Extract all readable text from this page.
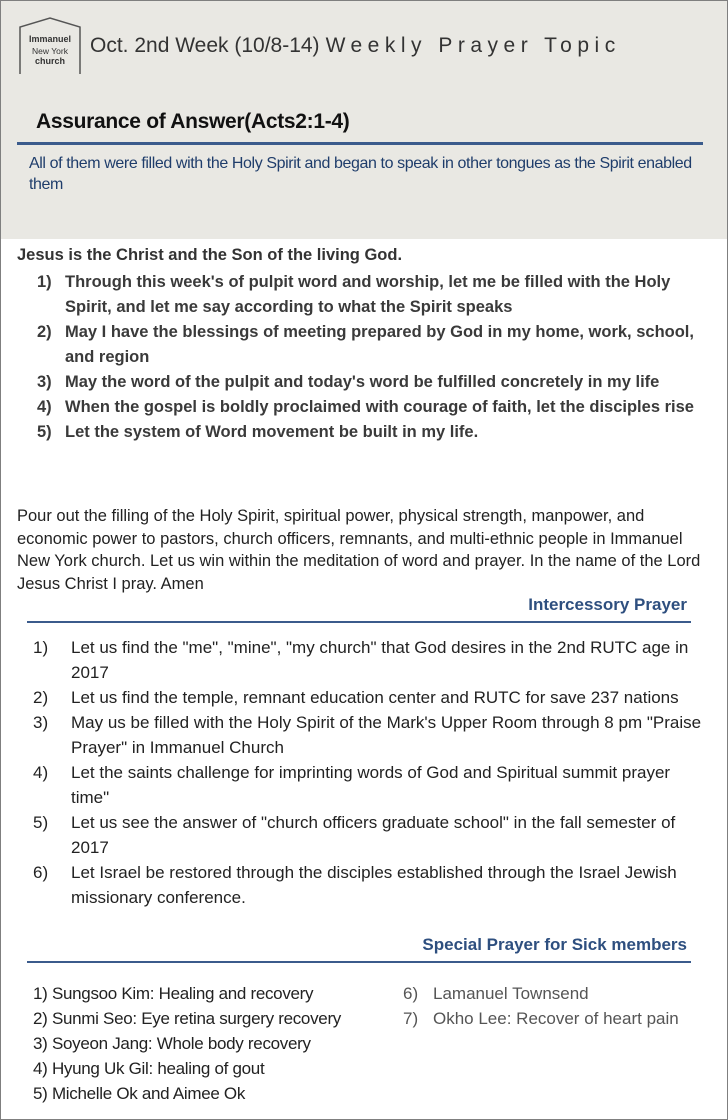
Immanuel
New York
church
Oct. 2nd Week (10/8-14) Weekly Prayer Topic
Assurance of Answer(Acts2:1-4)
All of them were filled with the Holy Spirit and began to speak in other tongues as the Spirit enabled them

Jesus is the Christ and the Son of the living God.

1) Through this week's of pulpit word and worship, let me be filled with the Holy Spirit, and let me say according to what the Spirit speaks
2) May I have the blessings of meeting prepared by God in my home, work, school, and region
3) May the word of the pulpit and today's word be fulfilled concretely in my life
4) When the gospel is boldly proclaimed with courage of faith, let the disciples rise
5) Let the system of Word movement be built in my life.
Pour out the filling of the Holy Spirit, spiritual power, physical strength, manpower, and economic power to pastors, church officers, remnants, and multi-ethnic people in Immanuel New York church. Let us win within the meditation of word and prayer. In the name of the Lord Jesus Christ I pray. Amen
Intercessory Prayer
1) Let us find the "me", "mine", "my church" that God desires in the 2nd RUTC age in 2017
2) Let us find the temple, remnant education center and RUTC for save 237 nations
3) May us be filled with the Holy Spirit of the Mark's Upper Room through 8 pm "Praise Prayer" in Immanuel Church
4) Let the saints challenge for imprinting words of God and Spiritual summit prayer time"
5) Let us see the answer of "church officers graduate school" in the fall semester of 2017
6) Let Israel be restored through the disciples established through the Israel Jewish missionary conference.
Special Prayer for Sick members
1) Sungsoo Kim: Healing and recovery
2) Sunmi Seo: Eye retina surgery recovery
3) Soyeon Jang: Whole body recovery
4) Hyung Uk Gil: healing of gout
5) Michelle Ok and Aimee Ok
6) Lamanuel Townsend
7) Okho Lee: Recover of heart pain
